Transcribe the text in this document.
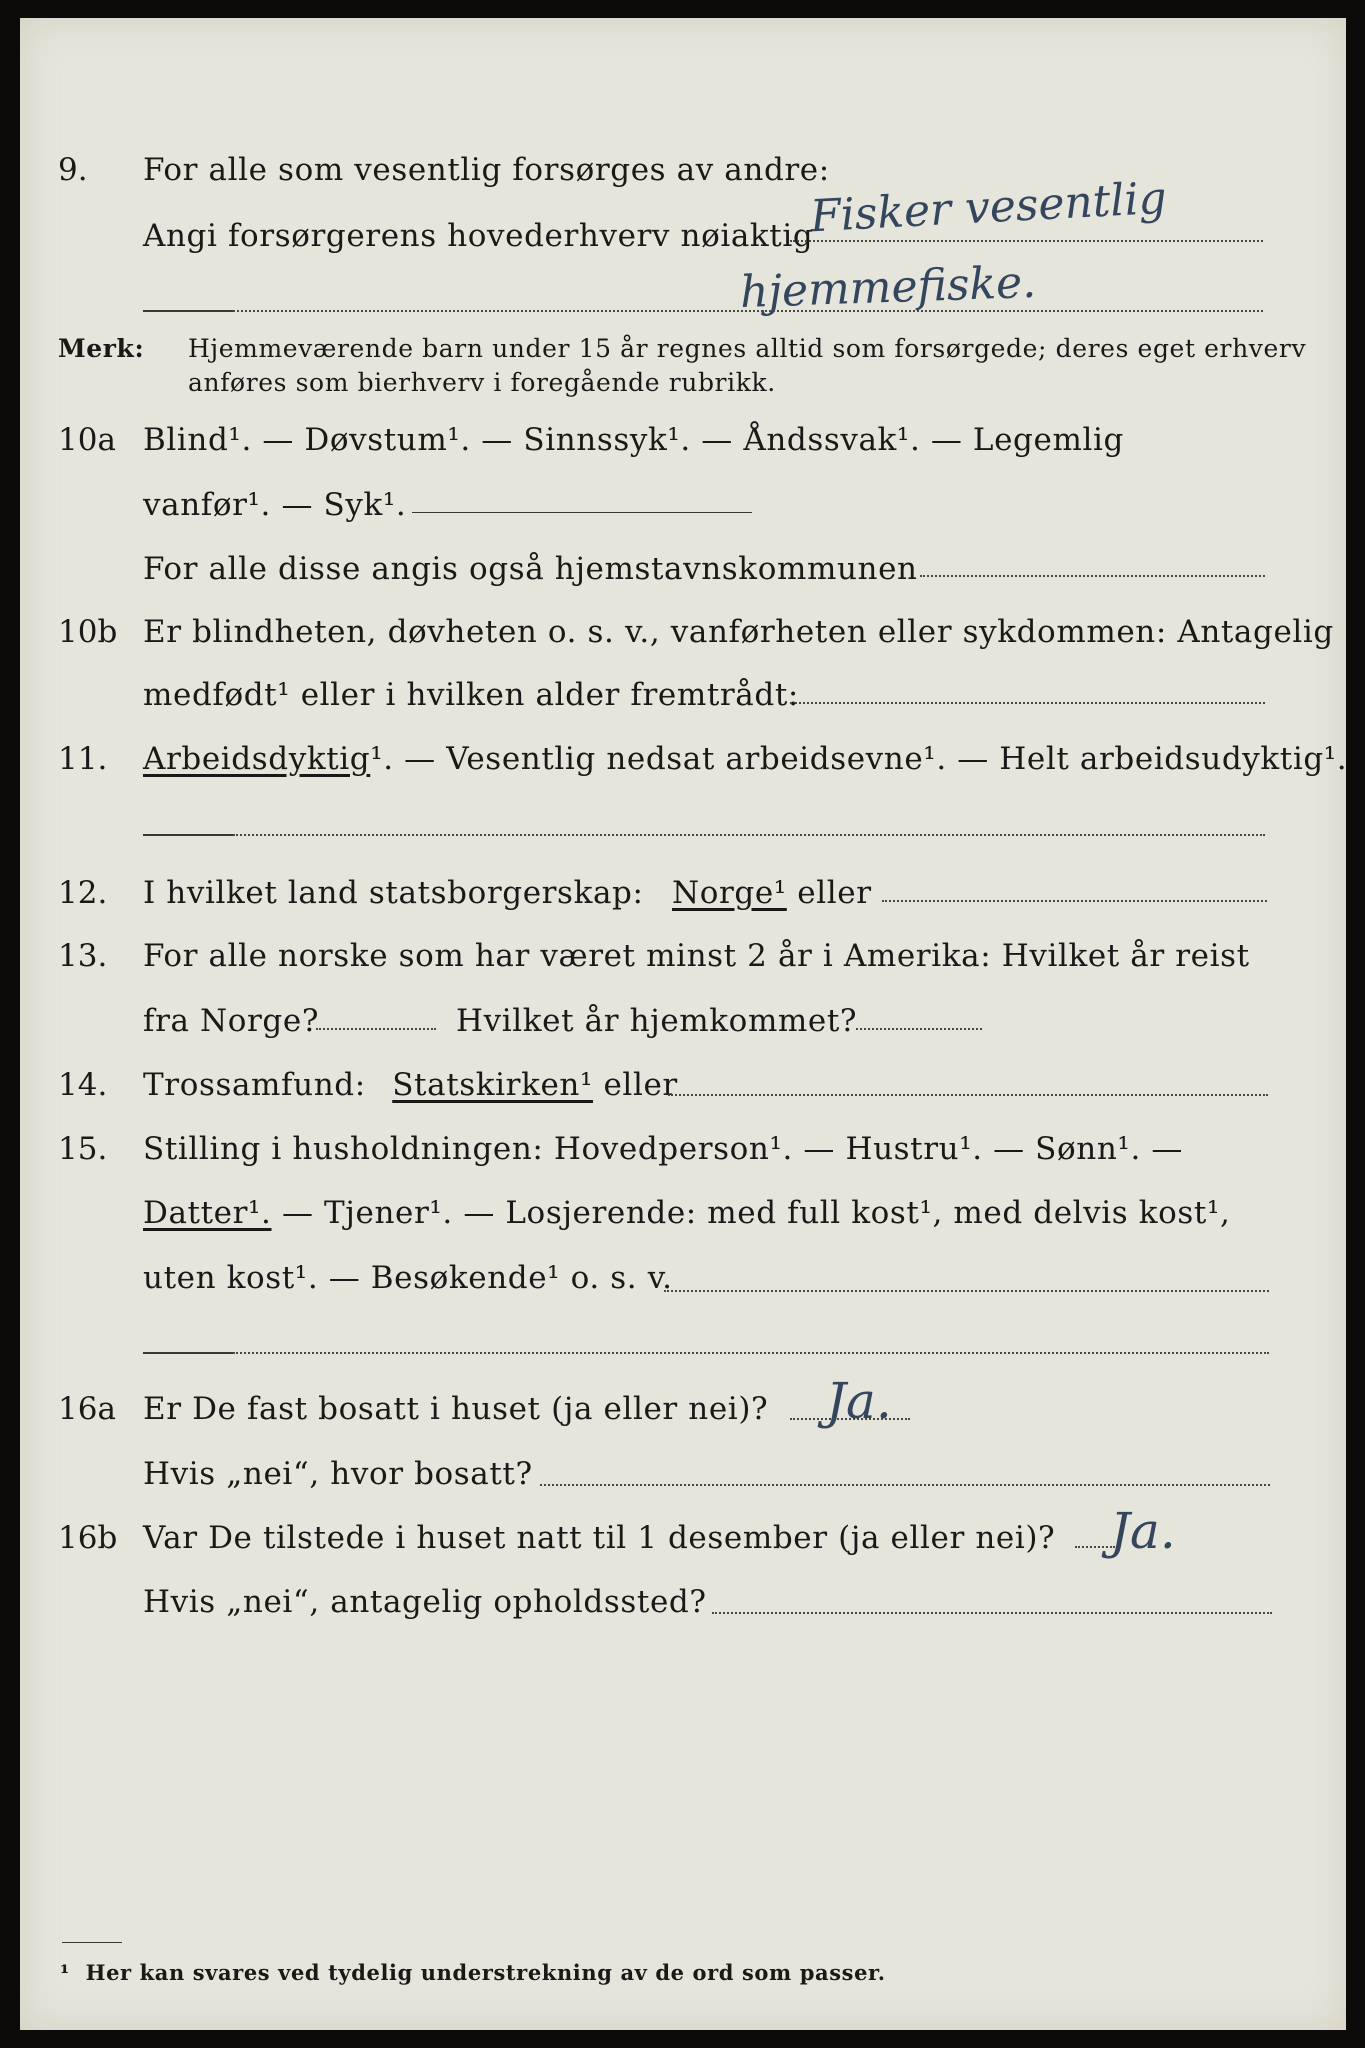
9. For alle som vesentlig forsørges av andre:
Fisker vesentlig
Angi forsørgerens hovederhverv nøiaktig
hjemmefiske.
Merk: Hjemmeværende barn under 15 år regnes alltid som forsørgede; deres eget erhverv
anføres som bierhverv i foregående rubrikk.
10a Blind¹. — Døvstum¹. — Sinnssyk¹. — Åndssvak¹. — Legemlig
vanfør¹. — Syk¹.
For alle disse angis også hjemstavnskommunen
10b Er blindheten, døvheten o. s. v., vanførheten eller sykdommen: Antagelig
medfødt¹ eller i hvilken alder fremtrådt:
11. Arbeidsdyktig¹. — Vesentlig nedsat arbeidsevne¹. — Helt arbeidsudyktig¹.
12. I hvilket land statsborgerskap: Norge¹ eller
13. For alle norske som har været minst 2 år i Amerika: Hvilket år reist
fra Norge?	Hvilket år hjemkommet?
14. Trossamfund: Statskirken¹ eller
15. Stilling i husholdningen: Hovedperson¹. — Hustru¹. — Sønn¹. —
Datter¹. — Tjener¹. — Losjerende: med full kost¹, med delvis kost¹,
uten kost¹. — Besøkende¹ o. s. v.
16a Er De fast bosatt i huset (ja eller nei)? Ja.
Hvis „nei“, hvor bosatt?
16b Var De tilstede i huset natt til 1 desember (ja eller nei)? Ja.
Hvis „nei“, antagelig opholdssted?
¹ Her kan svares ved tydelig understrekning av de ord som passer.
